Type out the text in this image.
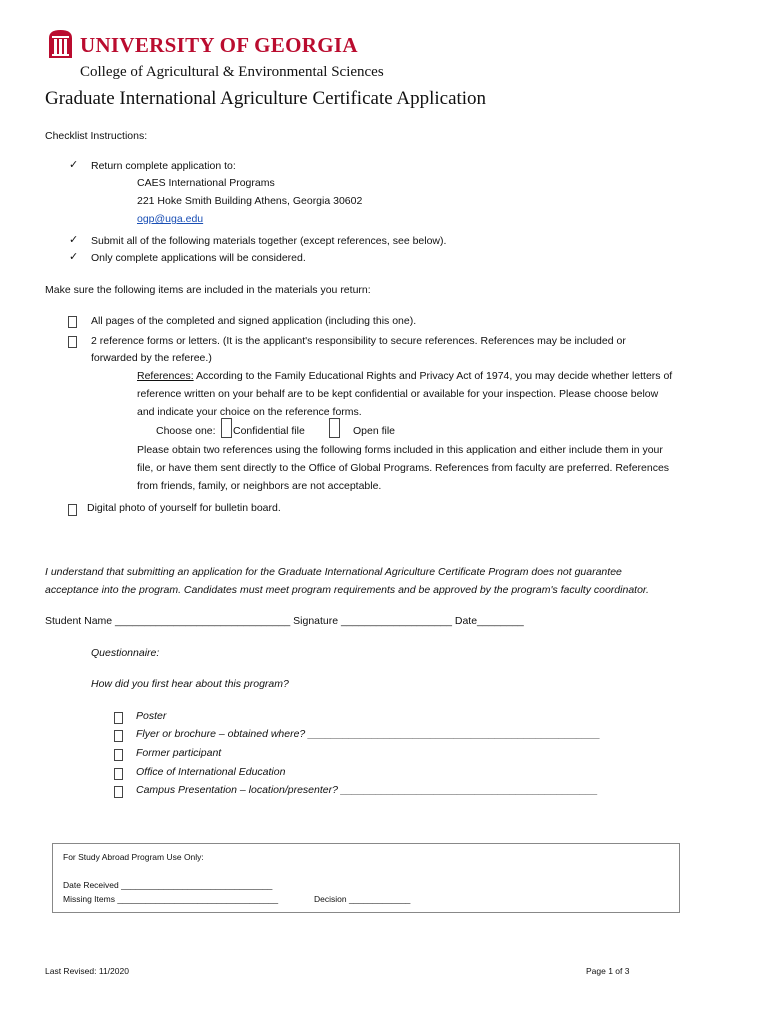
UNIVERSITY OF GEORGIA
College of Agricultural & Environmental Sciences
Graduate International Agriculture Certificate Application
Checklist Instructions:
✓ Return complete application to:
CAES International Programs
221 Hoke Smith Building Athens, Georgia 30602
ogp@uga.edu
✓ Submit all of the following materials together (except references, see below).
✓ Only complete applications will be considered.
Make sure the following items are included in the materials you return:
All pages of the completed and signed application (including this one).
2 reference forms or letters. (It is the applicant's responsibility to secure references. References may be included or
forwarded by the referee.)
References: According to the Family Educational Rights and Privacy Act of 1974, you may decide whether letters of
reference written on your behalf are to be kept confidential or available for your inspection. Please choose below
and indicate your choice on the reference forms.
Choose one: Confidential file	Open file
Please obtain two references using the following forms included in this application and either include them in your
file, or have them sent directly to the Office of Global Programs. References from faculty are preferred. References
from friends, family, or neighbors are not acceptable.
Digital photo of yourself for bulletin board.
I understand that submitting an application for the Graduate International Agriculture Certificate Program does not guarantee
acceptance into the program. Candidates must meet program requirements and be approved by the program's faculty coordinator.
Student Name ______________________________ Signature ___________________ Date________
Questionnaire:
How did you first hear about this program?
Poster
Flyer or brochure – obtained where? __________________________________________________
Former participant
Office of International Education
Campus Presentation – location/presenter? ____________________________________________
For Study Abroad Program Use Only:
Date Received ________________________________
Missing Items __________________________________	Decision _____________
Last Revised: 11/2020	Page 1 of 3
